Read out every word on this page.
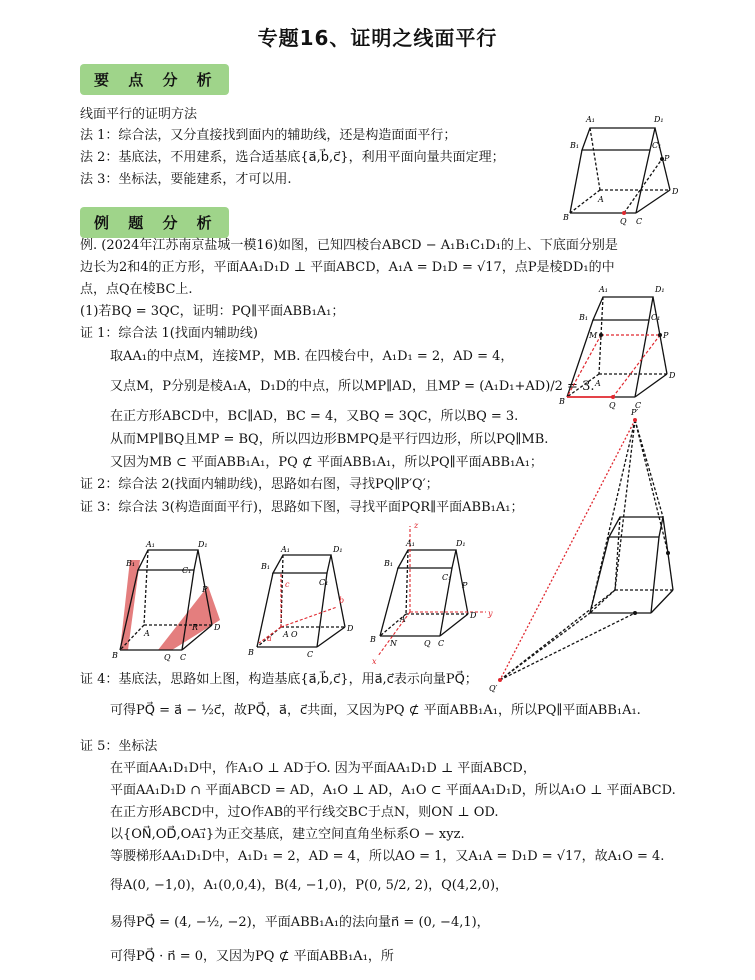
专题16、证明之线面平行
要 点 分 析
线面平行的证明方法
法 1：综合法，又分直接找到面内的辅助线，还是构造面面平行；
法 2：基底法，不用建系，选合适基底{a⃗,b⃗,c⃗}，利用平面向量共面定理；
法 3：坐标法，要能建系，才可以用.
例 题 分 析
例. (2024年江苏南京盐城一模16)如图，已知四棱台ABCD − A₁B₁C₁D₁的上、下底面分别是
边长为2和4的正方形，平面AA₁D₁D ⊥ 平面ABCD，A₁A = D₁D = √17，点P是棱DD₁的中
点，点Q在棱BC上.
(1)若BQ = 3QC，证明：PQ∥平面ABB₁A₁；
证 1：综合法 1(找面内辅助线)
取AA₁的中点M，连接MP，MB. 在四棱台中，A₁D₁ = 2，AD = 4，
又点M，P分别是棱A₁A，D₁D的中点，所以MP∥AD，且MP = (A₁D₁+AD)/2 = 3.
在正方形ABCD中，BC∥AD，BC = 4，又BQ = 3QC，所以BQ = 3.
从而MP∥BQ且MP = BQ，所以四边形BMPQ是平行四边形，所以PQ∥MB.
又因为MB ⊂ 平面ABB₁A₁，PQ ⊄ 平面ABB₁A₁，所以PQ∥平面ABB₁A₁；
证 2：综合法 2(找面内辅助线)，思路如右图，寻找PQ∥P′Q′；
证 3：综合法 3(构造面面平行)，思路如下图，寻找平面PQR∥平面ABB₁A₁；
证 4：基底法，思路如上图，构造基底{a⃗,b⃗,c⃗}，用a⃗,c⃗表示向量PQ⃗；
可得PQ⃗ = a⃗ − ½c⃗，故PQ⃗，a⃗，c⃗共面，又因为PQ ⊄ 平面ABB₁A₁，所以PQ∥平面ABB₁A₁.
证 5：坐标法
在平面AA₁D₁D中，作A₁O ⊥ AD于O. 因为平面AA₁D₁D ⊥ 平面ABCD，
平面AA₁D₁D ∩ 平面ABCD = AD，A₁O ⊥ AD，A₁O ⊂ 平面AA₁D₁D，所以A₁O ⊥ 平面ABCD.
在正方形ABCD中，过O作AB的平行线交BC于点N，则ON ⊥ OD.
以{ON⃗,OD⃗,OA₁⃗}为正交基底，建立空间直角坐标系O − xyz.
等腰梯形AA₁D₁D中，A₁D₁ = 2，AD = 4，所以AO = 1，又A₁A = D₁D = √17，故A₁O = 4.
得A(0, −1,0)，A₁(0,0,4)，B(4, −1,0)，P(0, 5/2, 2)，Q(4,2,0)，
易得PQ⃗ = (4, −½, −2)，平面ABB₁A₁的法向量n⃗ = (0, −4,1)，
可得PQ⃗ · n⃗ = 0，又因为PQ ⊄ 平面ABB₁A₁，所
A₁	D₁
B₁	C₁
P
A
D
B	Q C
A₁	D₁
B₁	C₁
M	P
A
D
B	Q C
P′
Q′
A₁	D₁
B₁
C₁
P
R
A
D
B	Q C
A₁	D₁
B₁
C₁
c
b
a A O
D
B	C
z
y
x
A₁	D₁
B₁
C₁
P
A	D
B N	Q C
